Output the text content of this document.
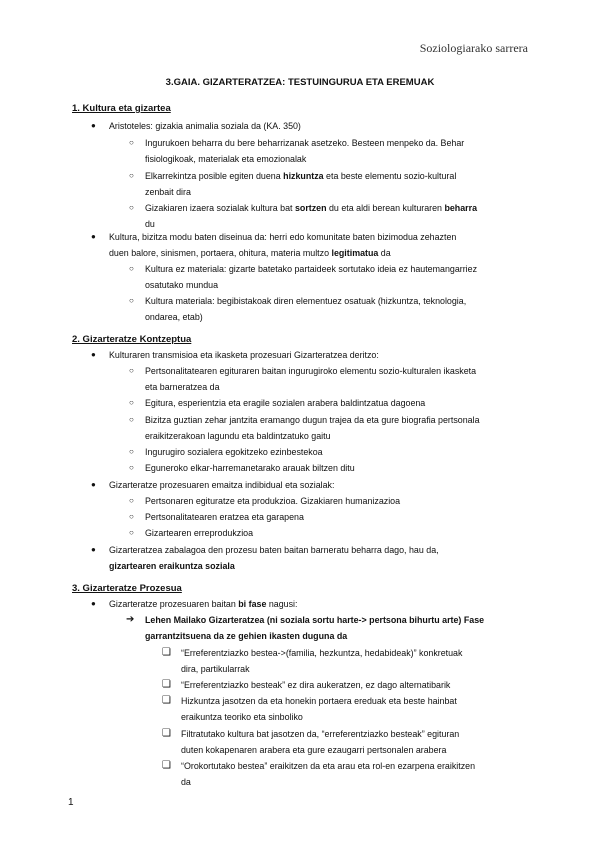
Soziologiarako sarrera
3.GAIA. GIZARTERATZEA: TESTUINGURUA ETA EREMUAK
1. Kultura eta gizartea
● Aristoteles: gizakia animalia soziala da (KA. 350)
○ Ingurukoen beharra du bere beharrizanak asetzeko. Besteen menpeko da. Behar
fisiologikoak, materialak eta emozionalak
○ Elkarrekintza posible egiten duena hizkuntza eta beste elementu sozio-kultural
zenbait dira
○ Gizakiaren izaera sozialak kultura bat sortzen du eta aldi berean kulturaren beharra
du
● Kultura, bizitza modu baten diseinua da: herri edo komunitate baten bizimodua zehazten
duen balore, sinismen, portaera, ohitura, materia multzo legitimatua da
○ Kultura ez materiala: gizarte batetako partaideek sortutako ideia ez hautemangarriez
osatutako mundua
○ Kultura materiala: begibistakoak diren elementuez osatuak (hizkuntza, teknologia,
ondarea, etab)
2. Gizarteratze Kontzeptua
● Kulturaren transmisioa eta ikasketa prozesuari Gizarteratzea deritzo:
○ Pertsonalitatearen egituraren baitan ingurugiroko elementu sozio-kulturalen ikasketa
eta barneratzea da
○ Egitura, esperientzia eta eragile sozialen arabera baldintzatua dagoena
○ Bizitza guztian zehar jantzita eramango dugun trajea da eta gure biografia pertsonala
eraikitzerakoan lagundu eta baldintzatuko gaitu
○ Ingurugiro sozialera egokitzeko ezinbestekoa
○ Eguneroko elkar-harremanetarako arauak biltzen ditu
● Gizarteratze prozesuaren emaitza indibidual eta sozialak:
○ Pertsonaren egituratze eta produkzioa. Gizakiaren humanizazioa
○ Pertsonalitatearen eratzea eta garapena
○ Gizartearen erreprodukzioa
● Gizarteratzea zabalagoa den prozesu baten baitan barneratu beharra dago, hau da,
gizartearen eraikuntza soziala
3. Gizarteratze Prozesua
● Gizarteratze prozesuaren baitan bi fase nagusi:
➔ Lehen Mailako Gizarteratzea (ni soziala sortu harte-> pertsona bihurtu arte) Fase
garrantzitsuena da ze gehien ikasten duguna da
❏ “Erreferentziazko bestea->(familia, hezkuntza, hedabideak)” konkretuak
dira, partikularrak
❏ “Erreferentziazko besteak” ez dira aukeratzen, ez dago alternatibarik
❏ Hizkuntza jasotzen da eta honekin portaera ereduak eta beste hainbat
eraikuntza teoriko eta sinboliko
❏ Filtratutako kultura bat jasotzen da, “erreferentziazko besteak” egituran
duten kokapenaren arabera eta gure ezaugarri pertsonalen arabera
❏ “Orokortutako bestea” eraikitzen da eta arau eta rol-en ezarpena eraikitzen
da
1
